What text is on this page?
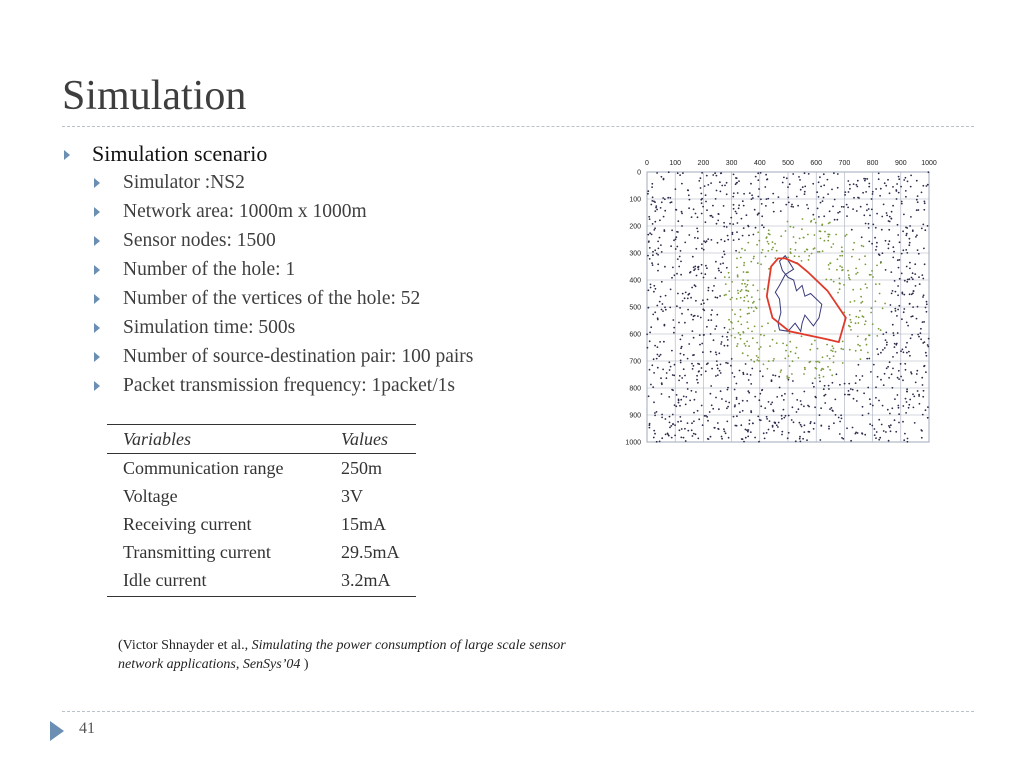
Simulation
Simulation scenario
Simulator :NS2
Network area: 1000m x 1000m
Sensor nodes: 1500
Number of the hole: 1
Number of the vertices of the hole: 52
Simulation time: 500s
Number of source-destination pair: 100 pairs
Packet transmission frequency: 1packet/1s
Variables	Values
Communication range	250m
Voltage	3V
Receiving current	15mA
Transmitting current	29.5mA
Idle current	3.2mA
(Victor Shnayder et al., Simulating the power consumption of large scale sensor network applications, SenSys’04 )
0	100 200 300 400 500 600 700 800 900 1000
0
100
200
300
400
500
600
700
800
900
1000
41
